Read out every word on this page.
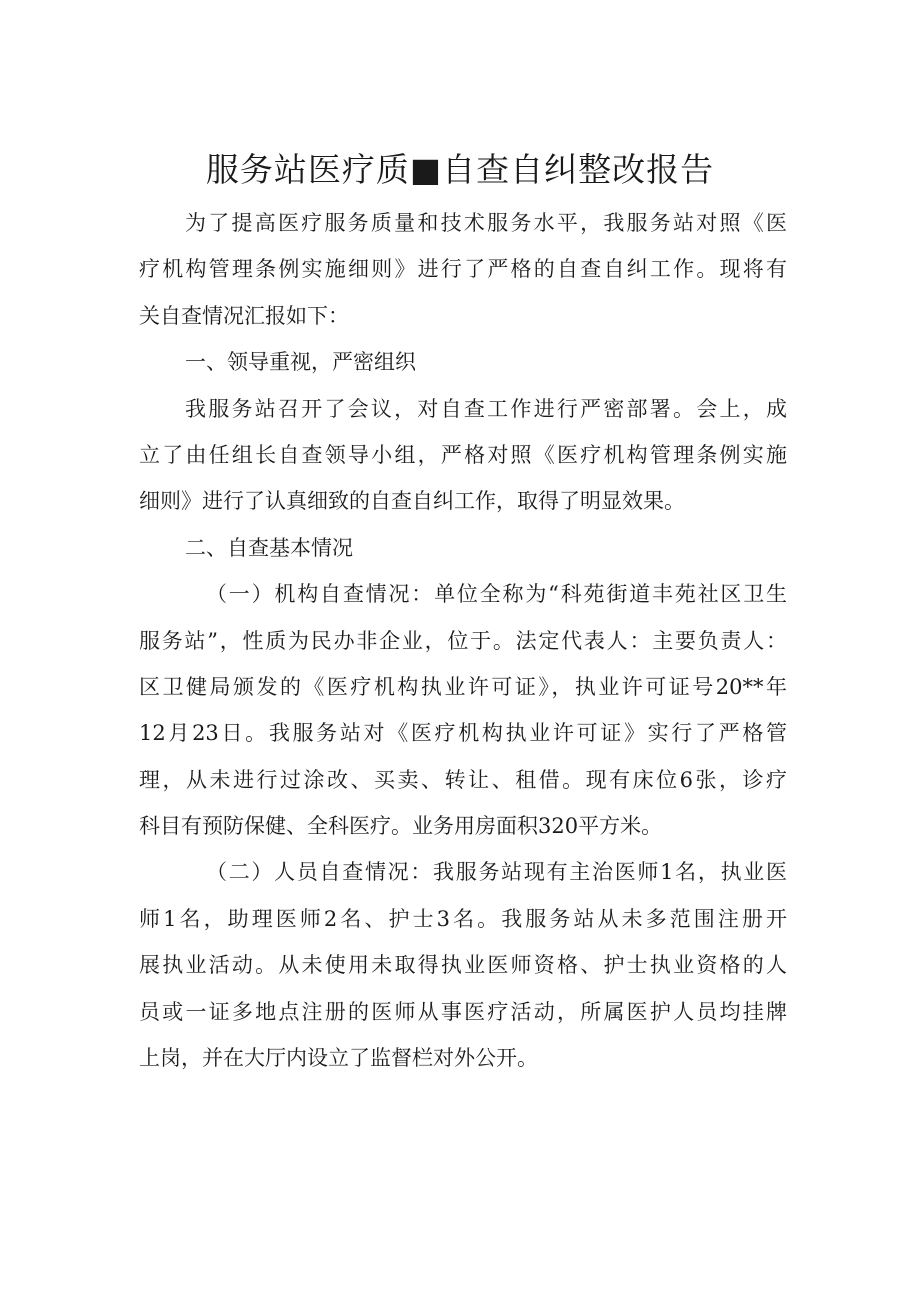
服务站医疗质■自查自纠整改报告
为了提高医疗服务质量和技术服务水平，我服务站对照《医
疗机构管理条例实施细则》进行了严格的自查自纠工作。现将有
关自查情况汇报如下：
一、领导重视，严密组织
我服务站召开了会议，对自查工作进行严密部署。会上，成
立了由任组长自查领导小组，严格对照《医疗机构管理条例实施
细则》进行了认真细致的自查自纠工作，取得了明显效果。
二、自查基本情况
（一）机构自查情况：单位全称为“科苑街道丰苑社区卫生
服务站”，性质为民办非企业，位于。法定代表人：主要负责人：
区卫健局颁发的《医疗机构执业许可证》，执业许可证号20**年
12月23日。我服务站对《医疗机构执业许可证》实行了严格管
理，从未进行过涂改、买卖、转让、租借。现有床位6张，诊疗
科目有预防保健、全科医疗。业务用房面积320平方米。
（二）人员自查情况：我服务站现有主治医师1名，执业医
师1名，助理医师2名、护士3名。我服务站从未多范围注册开
展执业活动。从未使用未取得执业医师资格、护士执业资格的人
员或一证多地点注册的医师从事医疗活动，所属医护人员均挂牌
上岗，并在大厅内设立了监督栏对外公开。
